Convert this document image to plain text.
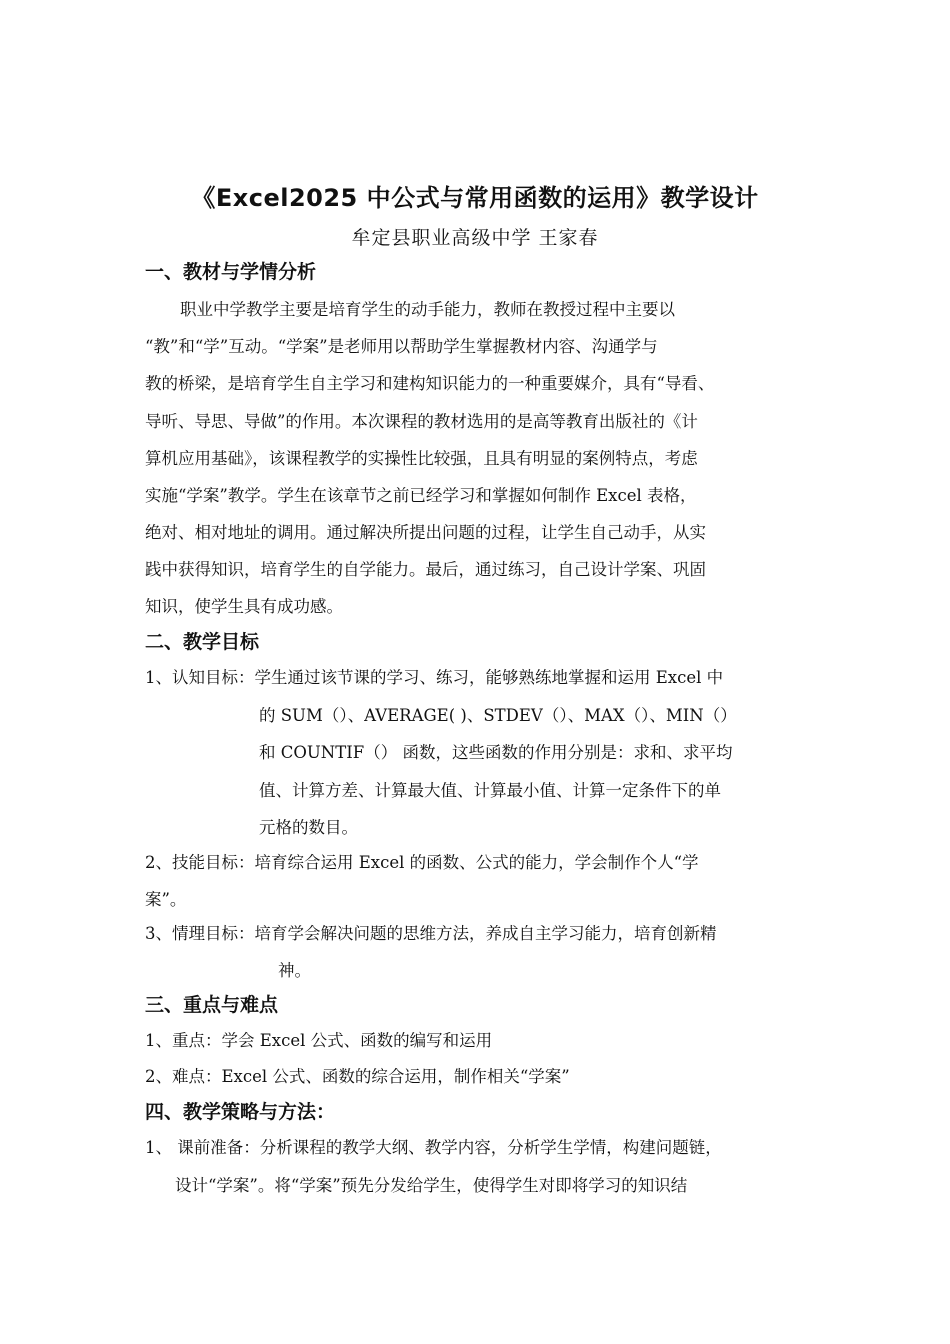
《Excel2025 中公式与常用函数的运用》教学设计
牟定县职业高级中学 王家春
一、教材与学情分析
职业中学教学主要是培育学生的动手能力，教师在教授过程中主要以
“教”和“学”互动。“学案”是老师用以帮助学生掌握教材内容、沟通学与
教的桥梁，是培育学生自主学习和建构知识能力的一种重要媒介，具有“导看、
导听、导思、导做”的作用。本次课程的教材选用的是高等教育出版社的《计
算机应用基础》，该课程教学的实操性比较强，且具有明显的案例特点，考虑
实施“学案”教学。学生在该章节之前已经学习和掌握如何制作 Excel 表格，
绝对、相对地址的调用。通过解决所提出问题的过程，让学生自己动手，从实
践中获得知识，培育学生的自学能力。最后，通过练习，自己设计学案、巩固
知识，使学生具有成功感。
二、教学目标
1、认知目标：学生通过该节课的学习、练习，能够熟练地掌握和运用 Excel 中
的 SUM（）、AVERAGE( )、STDEV（）、MAX（）、MIN（）
和 COUNTIF（） 函数，这些函数的作用分别是：求和、求平均
值、计算方差、计算最大值、计算最小值、计算一定条件下的单
元格的数目。
2、技能目标：培育综合运用 Excel 的函数、公式的能力，学会制作个人“学
案”。
3、情理目标：培育学会解决问题的思维方法，养成自主学习能力，培育创新精
神。
三、重点与难点
1、重点：学会 Excel 公式、函数的编写和运用
2、难点：Excel 公式、函数的综合运用，制作相关“学案”
四、教学策略与方法：
1、 课前准备：分析课程的教学大纲、教学内容，分析学生学情，构建问题链，
设计“学案”。将“学案”预先分发给学生，使得学生对即将学习的知识结
